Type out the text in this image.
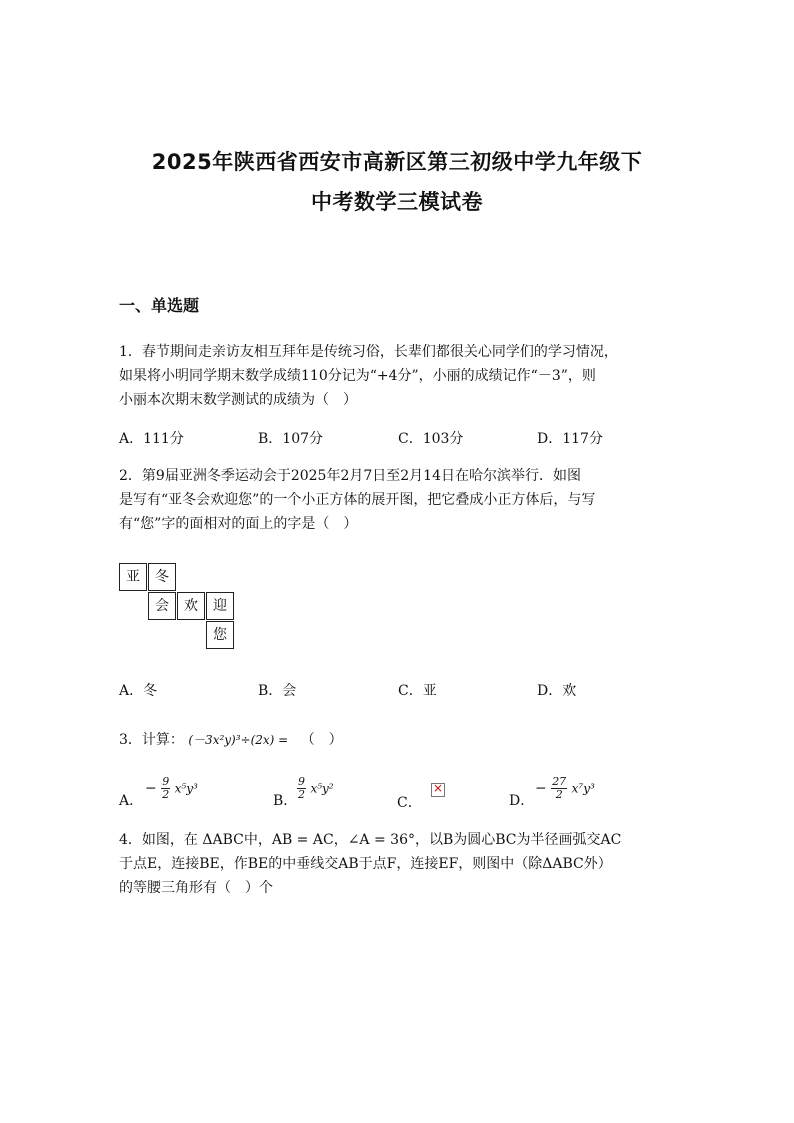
2025年陕西省西安市高新区第三初级中学九年级下
中考数学三模试卷
一、单选题

1．春节期间走亲访友相互拜年是传统习俗，长辈们都很关心同学们的学习情况，

如果将小明同学期末数学成绩110分记为“+4分”，小丽的成绩记作“－3”，则

小丽本次期末数学测试的成绩为（　）

A．111分	B．107分	C．103分	D．117分

2．第9届亚洲冬季运动会于2025年2月7日至2月14日在哈尔滨举行．如图

是写有“亚冬会欢迎您”的一个小正方体的展开图，把它叠成小正方体后，与写

有“您”字的面相对的面上的字是（　）

亚	冬
会	欢	迎
您
A．冬	B．会	C．亚	D．欢
3．计算： (－3x²y)³÷(2x) = （　）
A．
− $\frac{9}{2} x^5y^3$
B． $\frac{9}{2} x^5y^2$
C．
×	D．
− $\frac{27}{2} x^7y^3$

4．如图，在 ΔABC中，AB = AC，∠A = 36°，以B为圆心BC为半径画弧交AC

于点E，连接BE，作BE的中垂线交AB于点F，连接EF，则图中（除ΔABC外）

的等腰三角形有（　）个
